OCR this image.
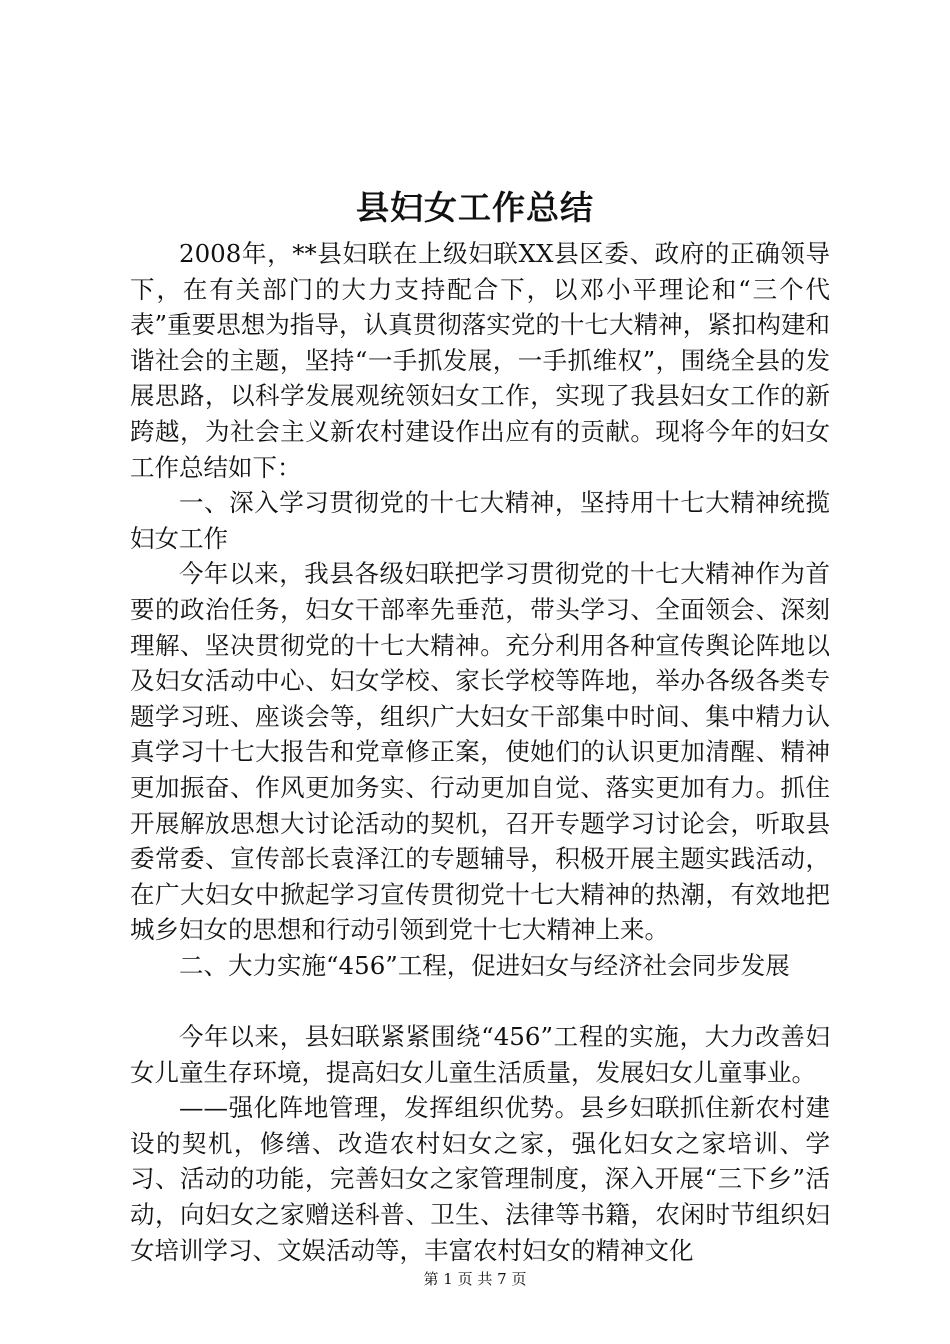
县妇女工作总结

2008年，**县妇联在上级妇联XX县区委、政府的正确领导下，在有关部门的大力支持配合下，以邓小平理论和“三个代表”重要思想为指导，认真贯彻落实党的十七大精神，紧扣构建和谐社会的主题，坚持“一手抓发展，一手抓维权”，围绕全县的发展思路，以科学发展观统领妇女工作，实现了我县妇女工作的新跨越，为社会主义新农村建设作出应有的贡献。现将今年的妇女工作总结如下：

一、深入学习贯彻党的十七大精神，坚持用十七大精神统揽妇女工作

今年以来，我县各级妇联把学习贯彻党的十七大精神作为首要的政治任务，妇女干部率先垂范，带头学习、全面领会、深刻理解、坚决贯彻党的十七大精神。充分利用各种宣传舆论阵地以及妇女活动中心、妇女学校、家长学校等阵地，举办各级各类专题学习班、座谈会等，组织广大妇女干部集中时间、集中精力认真学习十七大报告和党章修正案，使她们的认识更加清醒、精神更加振奋、作风更加务实、行动更加自觉、落实更加有力。抓住开展解放思想大讨论活动的契机，召开专题学习讨论会，听取县委常委、宣传部长袁泽江的专题辅导，积极开展主题实践活动，在广大妇女中掀起学习宣传贯彻党十七大精神的热潮，有效地把城乡妇女的思想和行动引领到党十七大精神上来。

二、大力实施“456”工程，促进妇女与经济社会同步发展

今年以来，县妇联紧紧围绕“456”工程的实施，大力改善妇女儿童生存环境，提高妇女儿童生活质量，发展妇女儿童事业。

——强化阵地管理，发挥组织优势。县乡妇联抓住新农村建设的契机，修缮、改造农村妇女之家，强化妇女之家培训、学习、活动的功能，完善妇女之家管理制度，深入开展“三下乡”活动，向妇女之家赠送科普、卫生、法律等书籍，农闲时节组织妇女培训学习、文娱活动等，丰富农村妇女的精神文化

第 1 页 共 7 页
